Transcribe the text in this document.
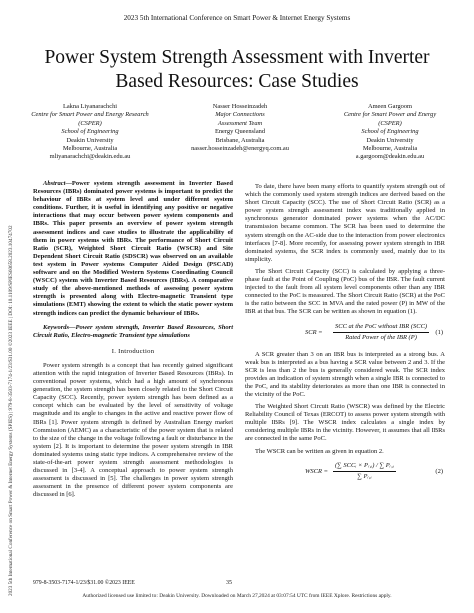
2023 5th International Conference on Smart Power & Internet Energy Systems
Power System Strength Assessment with Inverter
Based Resources: Case Studies
2023 5th International Conference on Smart Power & Internet Energy Systems (SPIES) | 979-8-3503-7174-1/23/$31.00 ©2023 IEEE | DOI: 10.1109/SPIES60658.2023.10474702
Lakna Liyanarachchi
Centre for Smart Power and Energy Research (CSPER)
School of Engineering
Deakin University
Melbourne, Australia
mliyanarachchi@deakin.edu.au
Nasser Hosseinzadeh
Major Connections
Assessment Team
Energy Queensland
Brisbane, Australia
nasser.hosseinzadeh@energyq.com.au
Ameen Gargoom
Centre for Smart Power and Energy
(CSPER)
School of Engineering
Deakin University
Melbourne, Australia
a.gargoom@deakin.edu.au

Abstract—Power system strength assessment in Inverter Based Resources (IBRs) dominated power systems is important to predict the behaviour of IBRs at system level and under different system conditions. Further, it is useful in identifying any positive or negative interactions that may occur between power system components and IBRs. This paper presents an overview of power system strength assessment indices and case studies to illustrate the applicability of them in power systems with IBRs. The performance of Short Circuit Ratio (SCR), Weighted Short Circuit Ratio (WSCR) and Site Dependent Short Circuit Ratio (SDSCR) was observed on an available test system in Power systems Computer Aided Design (PSCAD) software and on the Modified Western Systems Coordinating Council (WSCC) system with Inverter Based Resources (IBRs). A comparative study of the above-mentioned methods of assessing power system strength is presented along with Electro-magnetic Transient type simulations (EMT) showing the extent to which the static power system strength indices can predict the dynamic behaviour of IBRs.

Keywords—Power system strength, Inverter Based Resources, Short Circuit Ratio, Electro-magnetic Transient type simulations

I. Introduction

Power system strength is a concept that has recently gained significant attention with the rapid integration of Inverter Based Resources (IBRs). In conventional power systems, which had a high amount of synchronous generation, the system strength has been closely related to the Short Circuit Capacity (SCC). Recently, power system strength has been defined as a concept which can be evaluated by the level of sensitivity of voltage magnitude and its angle to changes in the active and reactive power flow of IBRs [1]. Power system strength is defined by Australian Energy market Commission (AEMC) as a characteristic of the power system that is related to the size of the change in the voltage following a fault or disturbance in the system [2]. It is important to determine the power system strength in IBR dominated systems using static type indices. A comprehensive review of the state-of-the-art power system strength assessment methodologies is discussed in [3-4]. A conceptual approach to power system strength assessment is discussed in [5]. The challenges in power system strength assessment in the presence of different power system components are discussed in [6].

To date, there have been many efforts to quantify system strength out of which the commonly used system strength indices are derived based on the Short Circuit Capacity (SCC). The use of Short Circuit Ratio (SCR) as a power system strength assessment index was traditionally applied in synchronous generator dominated power systems when the AC/DC transmission became common. The SCR has been used to determine the system strength on the AC-side due to the interaction from power electronics interfaces [7-8]. More recently, for assessing power system strength in IBR dominated systems, the SCR index is commonly used, mainly due to its simplicity.

The Short Circuit Capacity (SCC) is calculated by applying a three-phase fault at the Point of Coupling (PoC) bus of the IBR. The fault current injected to the fault from all system level components other than any IBR connected to the PoC is measured. The Short Circuit Ratio (SCR) at the PoC is the ratio between the SCC in MVA and the rated power (P) in MW of the IBR at that bus. The SCR can be written as shown in equation (1).

SCR =
SCC at the PoC without IBR (SCC)
Rated Power of the IBR (P)
(1)

A SCR greater than 3 on an IBR bus is interpreted as a strong bus. A weak bus is interpreted as a bus having a SCR value between 2 and 3. If the SCR is less than 2 the bus is generally considered weak. The SCR index provides an indication of system strength when a single IBR is connected to the PoC, and its stability deteriorates as more than one IBR is connected in the vicinity of the PoC.

The Weighted Short Circuit Ratio (WSCR) was defined by the Electric Reliability Council of Texas (ERCOT) to assess power system strength with multiple IBRs [9]. The WSCR index calculates a single index by considering multiple IBRs in the vicinity. However, it assumes that all IBRs are connected in the same PoC.

The WSCR can be written as given in equation 2.

WSCR =
(∑ SCCᵢ × Pᵣ,ᵢ) / ∑ Pᵣ,ᵢ
∑ Pᵣ,ᵢ
(2)
979-8-3503-7174-1/23/$31.00 ©2023 IEEE	35
Authorized licensed use limited to: Deakin University. Downloaded on March 27,2024 at 03:07:54 UTC from IEEE Xplore. Restrictions apply.
